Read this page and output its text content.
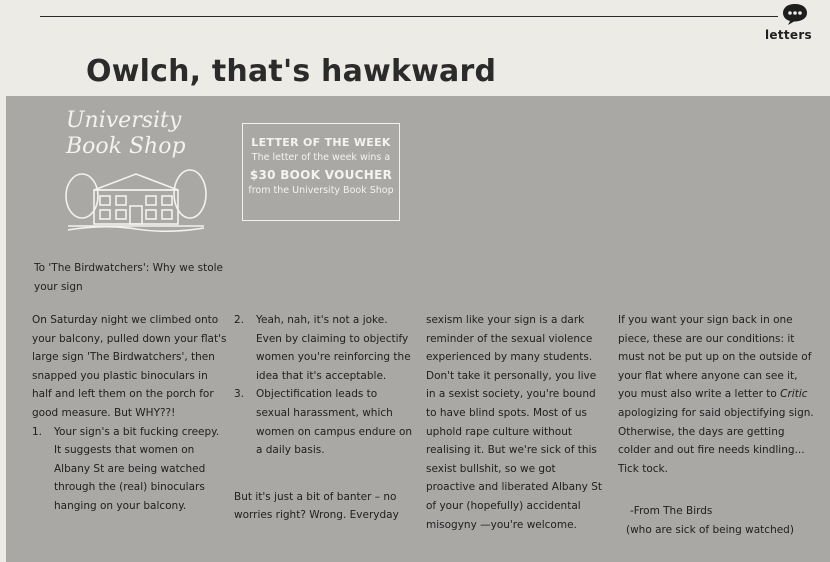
letters
Owlch, that's hawkward
University
Book Shop	LETTER OF THE WEEK
The letter of the week wins a
$30 BOOK VOUCHER
from the University Book Shop
To 'The Birdwatchers': Why we stole
your sign

On Saturday night we climbed onto your balcony, pulled down your flat's large sign 'The Birdwatchers', then snapped you plastic binoculars in half and left them on the porch for good measure. But WHY??!

1.	Your sign's a bit fucking creepy. It suggests that women on Albany St are being watched through the (real) binoculars hanging on your balcony.
2.	Yeah, nah, it's not a joke. Even by claiming to objectify women you're reinforcing the idea that it's acceptable.
3.	Objectification leads to sexual harassment, which women on campus endure on a daily basis.

But it's just a bit of banter – no worries right? Wrong. Everyday

sexism like your sign is a dark reminder of the sexual violence experienced by many students. Don't take it personally, you live in a sexist society, you're bound to have blind spots. Most of us uphold rape culture without realising it. But we're sick of this sexist bullshit, so we got proactive and liberated Albany St of your (hopefully) accidental misogyny —you're welcome.

If you want your sign back in one piece, these are our conditions: it must not be put up on the outside of your flat where anyone can see it, you must also write a letter to Critic apologizing for said objectifying sign. Otherwise, the days are getting colder and out fire needs kindling... Tick tock.

-From The Birds

(who are sick of being watched)
